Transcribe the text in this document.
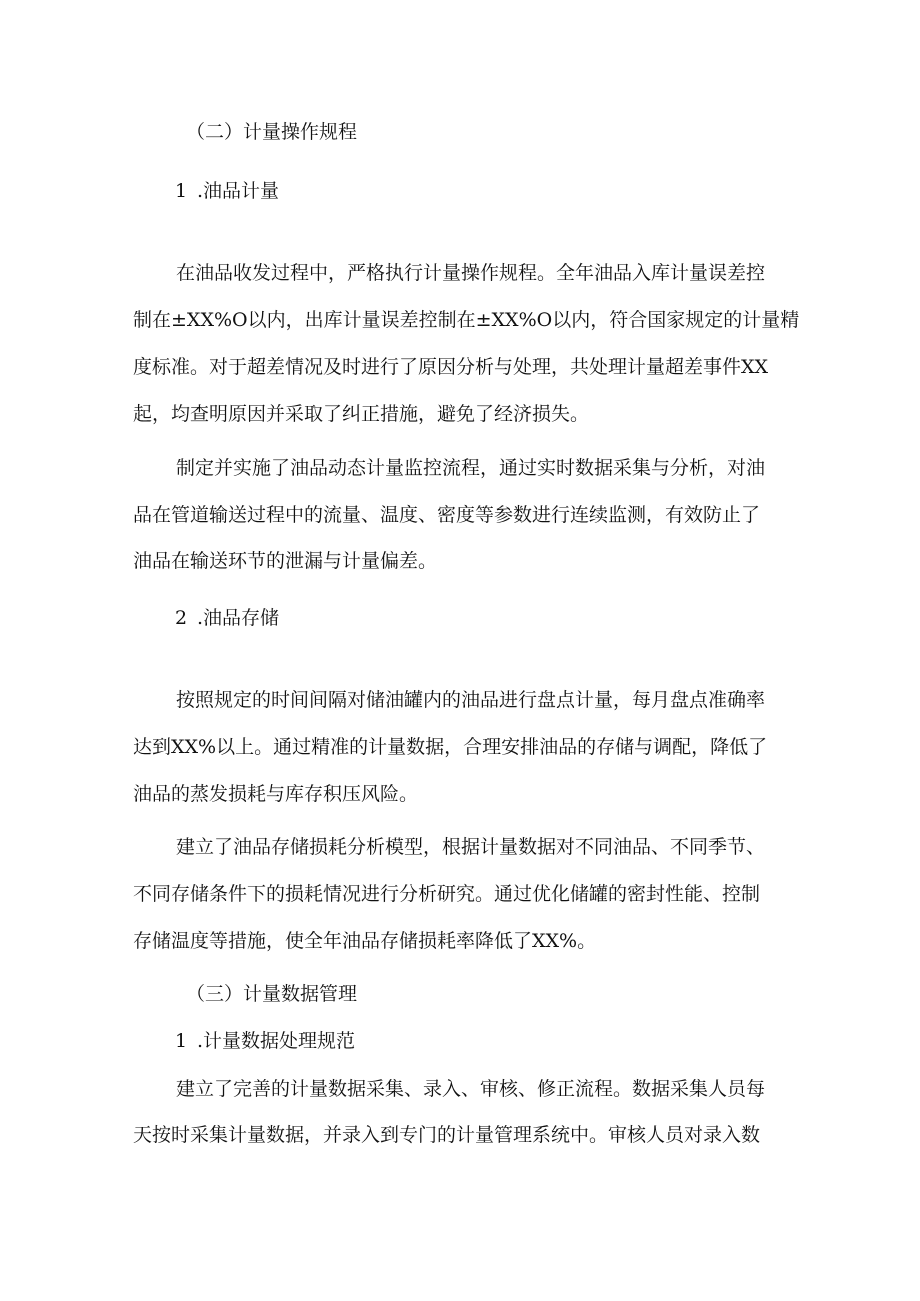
（二）计量操作规程

1 .油品计量

在油品收发过程中，严格执行计量操作规程。全年油品入库计量误差控

制在±XX%O以内，出库计量误差控制在±XX%O以内，符合国家规定的计量精

度标准。对于超差情况及时进行了原因分析与处理，共处理计量超差事件XX

起，均查明原因并采取了纠正措施，避免了经济损失。

制定并实施了油品动态计量监控流程，通过实时数据采集与分析，对油

品在管道输送过程中的流量、温度、密度等参数进行连续监测，有效防止了

油品在输送环节的泄漏与计量偏差。

2 .油品存储

按照规定的时间间隔对储油罐内的油品进行盘点计量，每月盘点准确率

达到XX%以上。通过精准的计量数据，合理安排油品的存储与调配，降低了

油品的蒸发损耗与库存积压风险。

建立了油品存储损耗分析模型，根据计量数据对不同油品、不同季节、

不同存储条件下的损耗情况进行分析研究。通过优化储罐的密封性能、控制

存储温度等措施，使全年油品存储损耗率降低了XX%。

（三）计量数据管理

1 .计量数据处理规范

建立了完善的计量数据采集、录入、审核、修正流程。数据采集人员每

天按时采集计量数据，并录入到专门的计量管理系统中。审核人员对录入数
